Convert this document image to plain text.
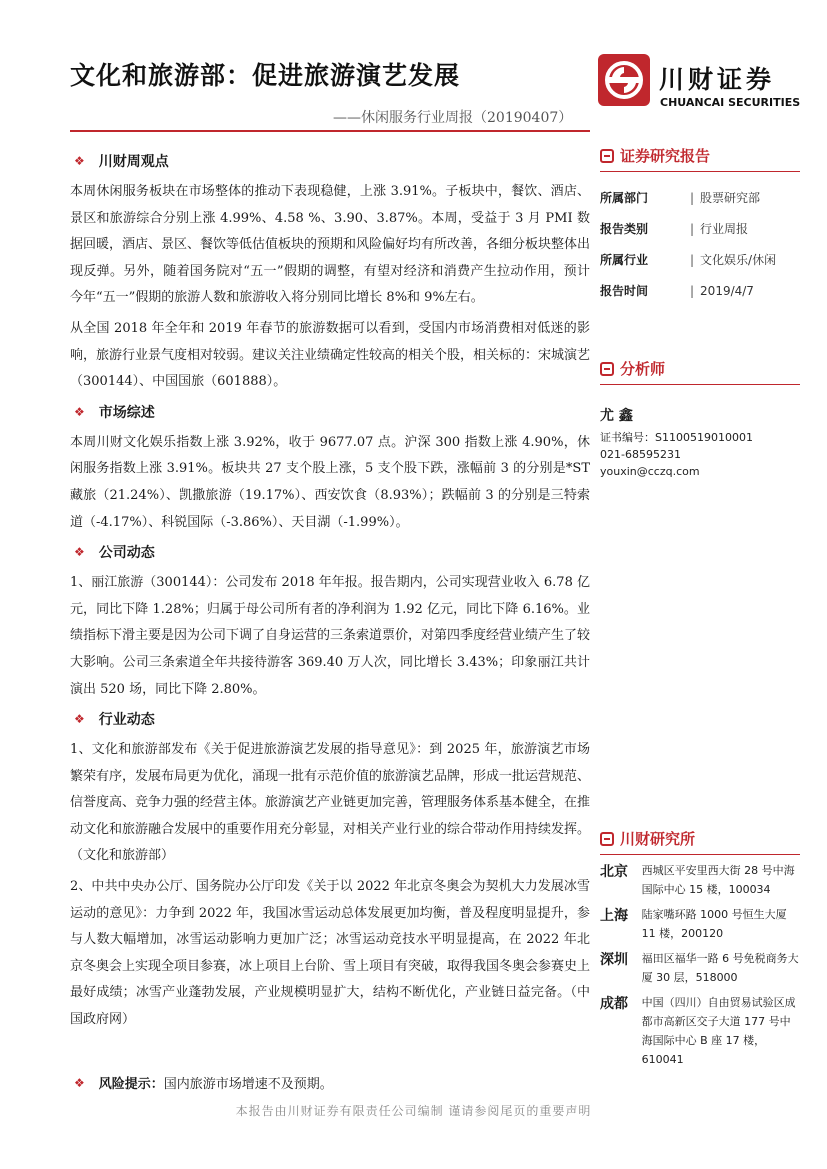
文化和旅游部：促进旅游演艺发展
——休闲服务行业周报（20190407）
川财证券
CHUANCAI SECURITIES
❖ 川财周观点

本周休闲服务板块在市场整体的推动下表现稳健，上涨 3.91%。子板块中，餐饮、酒店、景区和旅游综合分别上涨 4.99%、4.58 %、3.90、3.87%。本周，受益于 3 月 PMI 数据回暖，酒店、景区、餐饮等低估值板块的预期和风险偏好均有所改善，各细分板块整体出现反弹。另外，随着国务院对“五一”假期的调整，有望对经济和消费产生拉动作用，预计今年“五一”假期的旅游人数和旅游收入将分别同比增长 8%和 9%左右。

从全国 2018 年全年和 2019 年春节的旅游数据可以看到，受国内市场消费相对低迷的影响，旅游行业景气度相对较弱。建议关注业绩确定性较高的相关个股，相关标的：宋城演艺（300144）、中国国旅（601888）。

❖ 市场综述

本周川财文化娱乐指数上涨 3.92%，收于 9677.07 点。沪深 300 指数上涨 4.90%，休闲服务指数上涨 3.91%。板块共 27 支个股上涨，5 支个股下跌，涨幅前 3 的分别是*ST 藏旅（21.24%）、凯撒旅游（19.17%）、西安饮食（8.93%）；跌幅前 3 的分别是三特索道（-4.17%）、科锐国际（-3.86%）、天目湖（-1.99%）。

❖ 公司动态

1、丽江旅游（300144）：公司发布 2018 年年报。报告期内，公司实现营业收入 6.78 亿元，同比下降 1.28%；归属于母公司所有者的净利润为 1.92 亿元，同比下降 6.16%。业绩指标下滑主要是因为公司下调了自身运营的三条索道票价，对第四季度经营业绩产生了较大影响。公司三条索道全年共接待游客 369.40 万人次，同比增长 3.43%；印象丽江共计演出 520 场，同比下降 2.80%。

❖ 行业动态

1、文化和旅游部发布《关于促进旅游演艺发展的指导意见》：到 2025 年，旅游演艺市场繁荣有序，发展布局更为优化，涌现一批有示范价值的旅游演艺品牌，形成一批运营规范、信誉度高、竞争力强的经营主体。旅游演艺产业链更加完善，管理服务体系基本健全，在推动文化和旅游融合发展中的重要作用充分彰显，对相关产业行业的综合带动作用持续发挥。（文化和旅游部）

2、中共中央办公厅、国务院办公厅印发《关于以 2022 年北京冬奥会为契机大力发展冰雪运动的意见》：力争到 2022 年，我国冰雪运动总体发展更加均衡，普及程度明显提升，参与人数大幅增加，冰雪运动影响力更加广泛；冰雪运动竞技水平明显提高，在 2022 年北京冬奥会上实现全项目参赛，冰上项目上台阶、雪上项目有突破，取得我国冬奥会参赛史上最好成绩；冰雪产业蓬勃发展，产业规模明显扩大，结构不断优化，产业链日益完备。（中国政府网）

❖ 风险提示： 国内旅游市场增速不及预期。
证券研究报告
所属部门	| 股票研究部
报告类别	| 行业周报
所属行业	| 文化娱乐/休闲
报告时间	| 2019/4/7
分析师
尤 鑫
证书编号：S1100519010001
021-68595231
youxin@cczq.com
川财研究所
北京	西城区平安里西大街 28 号中海国际中心 15 楼，100034
上海	陆家嘴环路 1000 号恒生大厦 11 楼，200120
深圳	福田区福华一路 6 号免税商务大厦 30 层，518000
成都	中国（四川）自由贸易试验区成都市高新区交子大道 177 号中海国际中心 B 座 17 楼，610041
本报告由川财证券有限责任公司编制 谨请参阅尾页的重要声明
